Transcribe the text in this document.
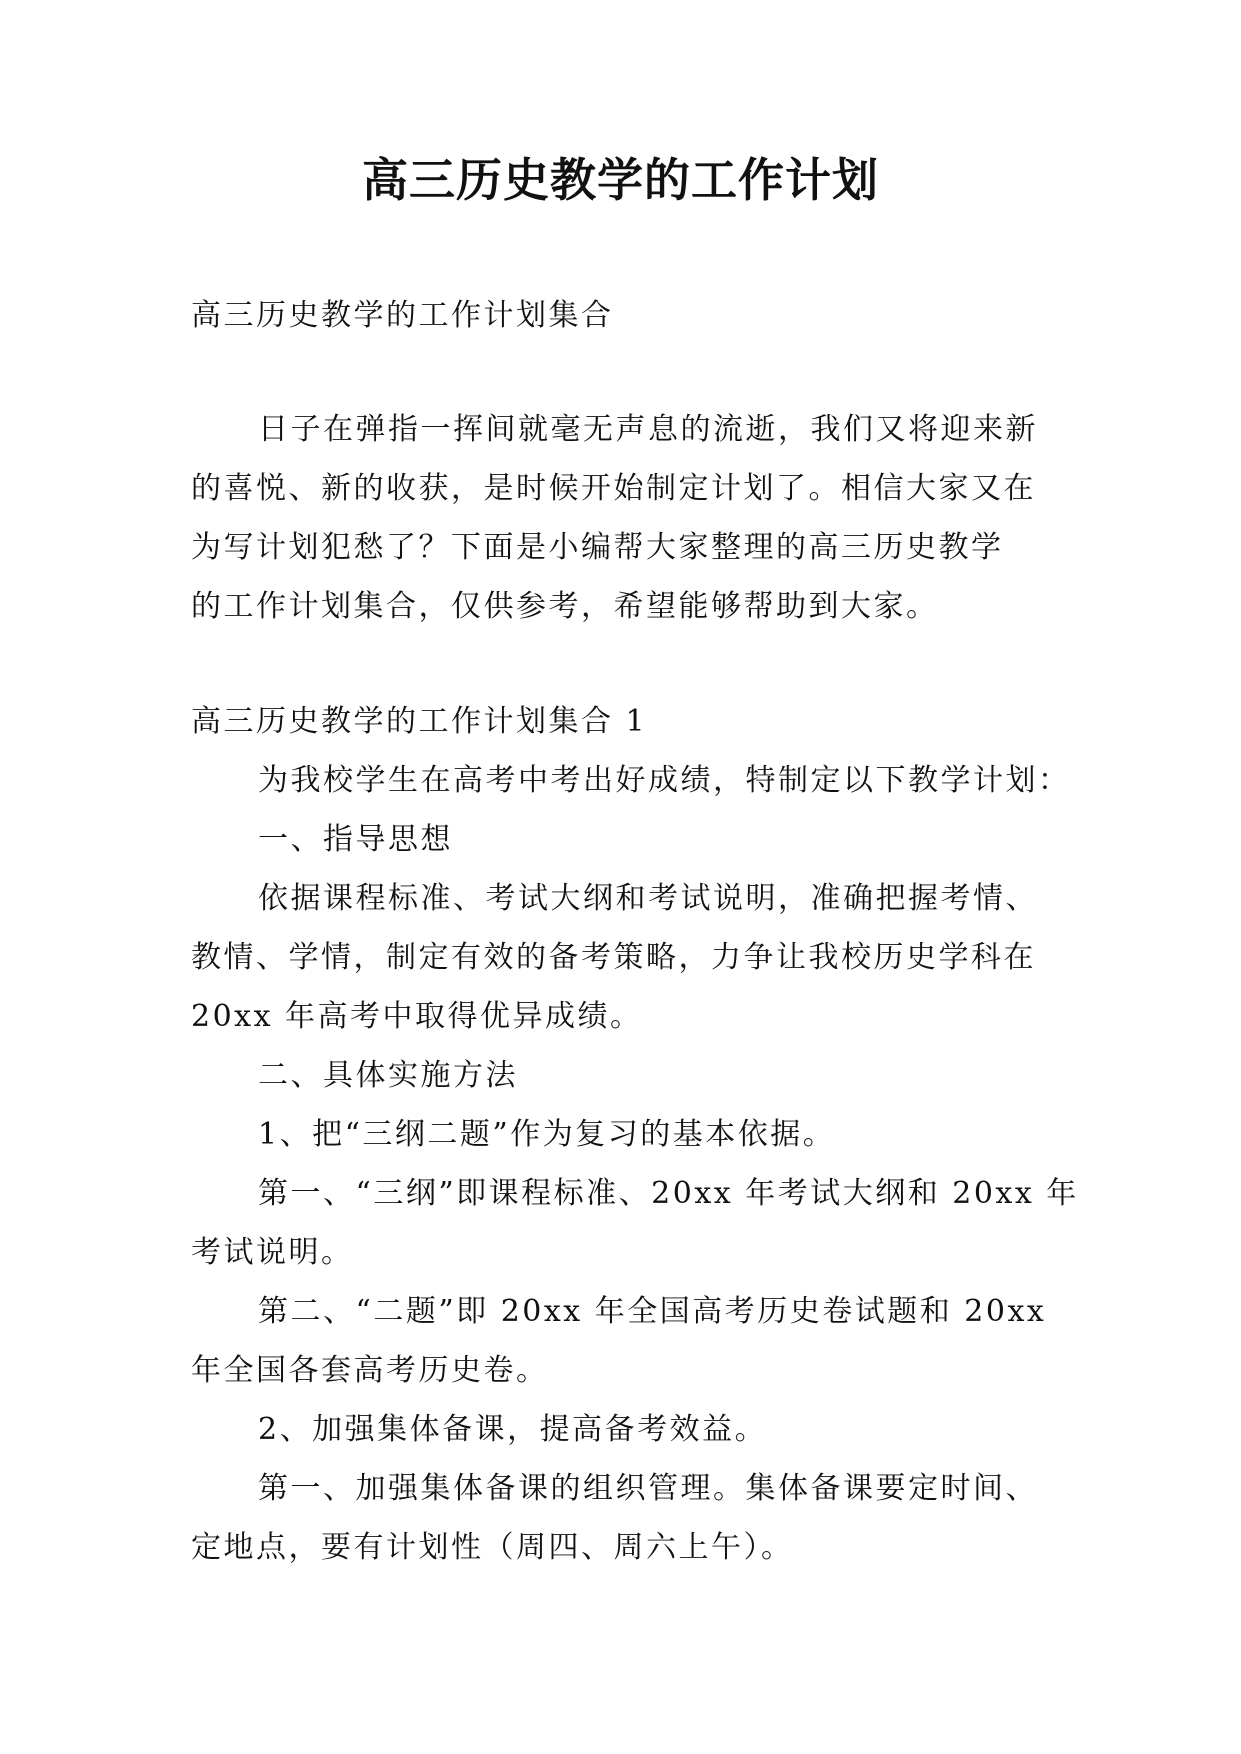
高三历史教学的工作计划

高三历史教学的工作计划集合

日子在弹指一挥间就毫无声息的流逝，我们又将迎来新

的喜悦、新的收获，是时候开始制定计划了。相信大家又在

为写计划犯愁了？下面是小编帮大家整理的高三历史教学

的工作计划集合，仅供参考，希望能够帮助到大家。

高三历史教学的工作计划集合 1

为我校学生在高考中考出好成绩，特制定以下教学计划：

一、指导思想

依据课程标准、考试大纲和考试说明，准确把握考情、

教情、学情，制定有效的备考策略，力争让我校历史学科在

20xx 年高考中取得优异成绩。

二、具体实施方法

1、把“三纲二题”作为复习的基本依据。

第一、“三纲”即课程标准、20xx 年考试大纲和 20xx 年

考试说明。

第二、“二题”即 20xx 年全国高考历史卷试题和 20xx

年全国各套高考历史卷。

2、加强集体备课，提高备考效益。

第一、加强集体备课的组织管理。集体备课要定时间、

定地点，要有计划性（周四、周六上午）。
